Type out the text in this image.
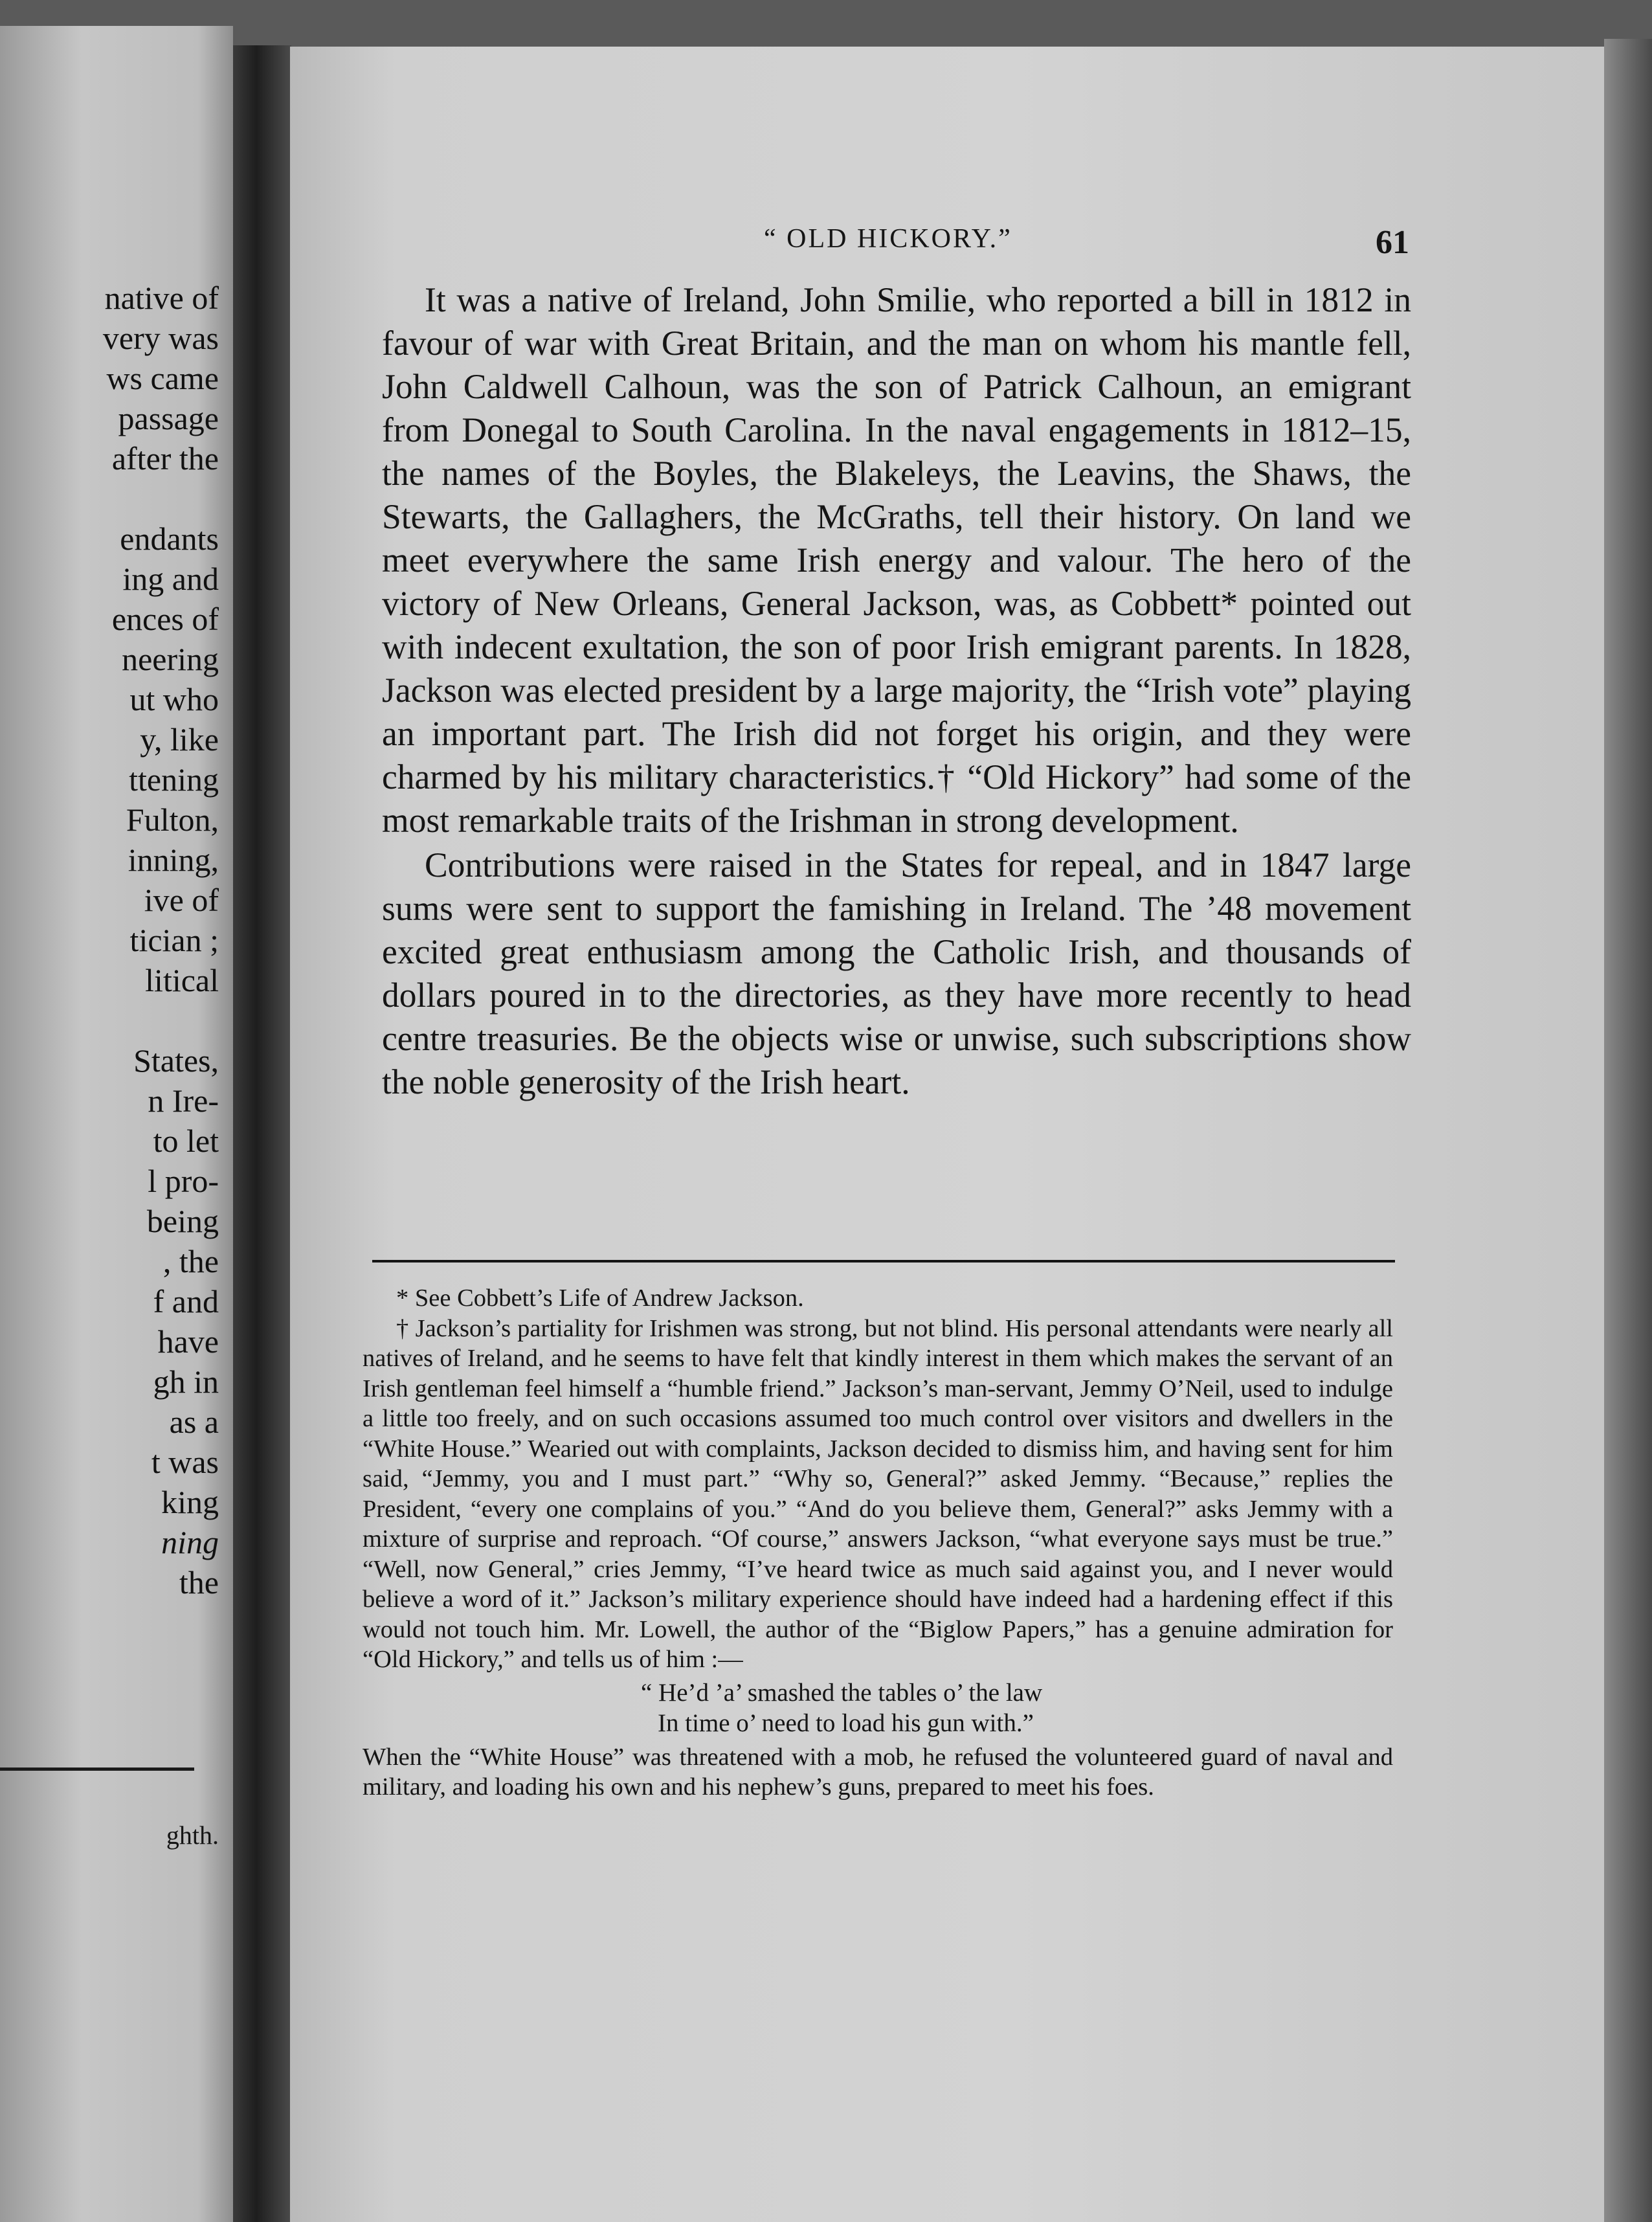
native of
very was
ws came
passage
after the
endants
ing and
ences of
neering
ut who
y, like
ttening
Fulton,
inning,
ive of
tician ;
litical
States,
n Ire-
to let
l pro-
being
, the
f and
have
gh in
as a
t was
king
ning
the
ghth.
“ OLD HICKORY.”	61

It was a native of Ireland, John Smilie, who reported a bill in 1812 in favour of war with Great Britain, and the man on whom his mantle fell, John Caldwell Calhoun, was the son of Patrick Calhoun, an emigrant from Donegal to South Carolina. In the naval engagements in 1812–15, the names of the Boyles, the Blakeleys, the Leavins, the Shaws, the Stewarts, the Gallaghers, the McGraths, tell their history. On land we meet everywhere the same Irish energy and valour. The hero of the victory of New Orleans, General Jackson, was, as Cobbett* pointed out with indecent exultation, the son of poor Irish emigrant parents. In 1828, Jackson was elected president by a large majority, the “Irish vote” playing an important part. The Irish did not forget his origin, and they were charmed by his military characteristics.† “Old Hickory” had some of the most remarkable traits of the Irishman in strong development.

Contributions were raised in the States for repeal, and in 1847 large sums were sent to support the famishing in Ireland. The ’48 movement excited great enthusiasm among the Catholic Irish, and thousands of dollars poured in to the directories, as they have more recently to head centre treasuries. Be the objects wise or unwise, such subscriptions show the noble generosity of the Irish heart.

* See Cobbett’s Life of Andrew Jackson.

† Jackson’s partiality for Irishmen was strong, but not blind. His personal attendants were nearly all natives of Ireland, and he seems to have felt that kindly interest in them which makes the servant of an Irish gentleman feel himself a “humble friend.” Jackson’s man-servant, Jemmy O’Neil, used to indulge a little too freely, and on such occasions assumed too much control over visitors and dwellers in the “White House.” Wearied out with complaints, Jackson decided to dismiss him, and having sent for him said, “Jemmy, you and I must part.” “Why so, General?” asked Jemmy. “Because,” replies the President, “every one complains of you.” “And do you believe them, General?” asks Jemmy with a mixture of surprise and reproach. “Of course,” answers Jackson, “what everyone says must be true.” “Well, now General,” cries Jemmy, “I’ve heard twice as much said against you, and I never would believe a word of it.” Jackson’s military experience should have indeed had a hardening effect if this would not touch him. Mr. Lowell, the author of the “Biglow Papers,” has a genuine admiration for “Old Hickory,” and tells us of him :—

“ He’d ’a’ smashed the tables o’ the law
In time o’ need to load his gun with.”

When the “White House” was threatened with a mob, he refused the volunteered guard of naval and military, and loading his own and his nephew’s guns, prepared to meet his foes.
